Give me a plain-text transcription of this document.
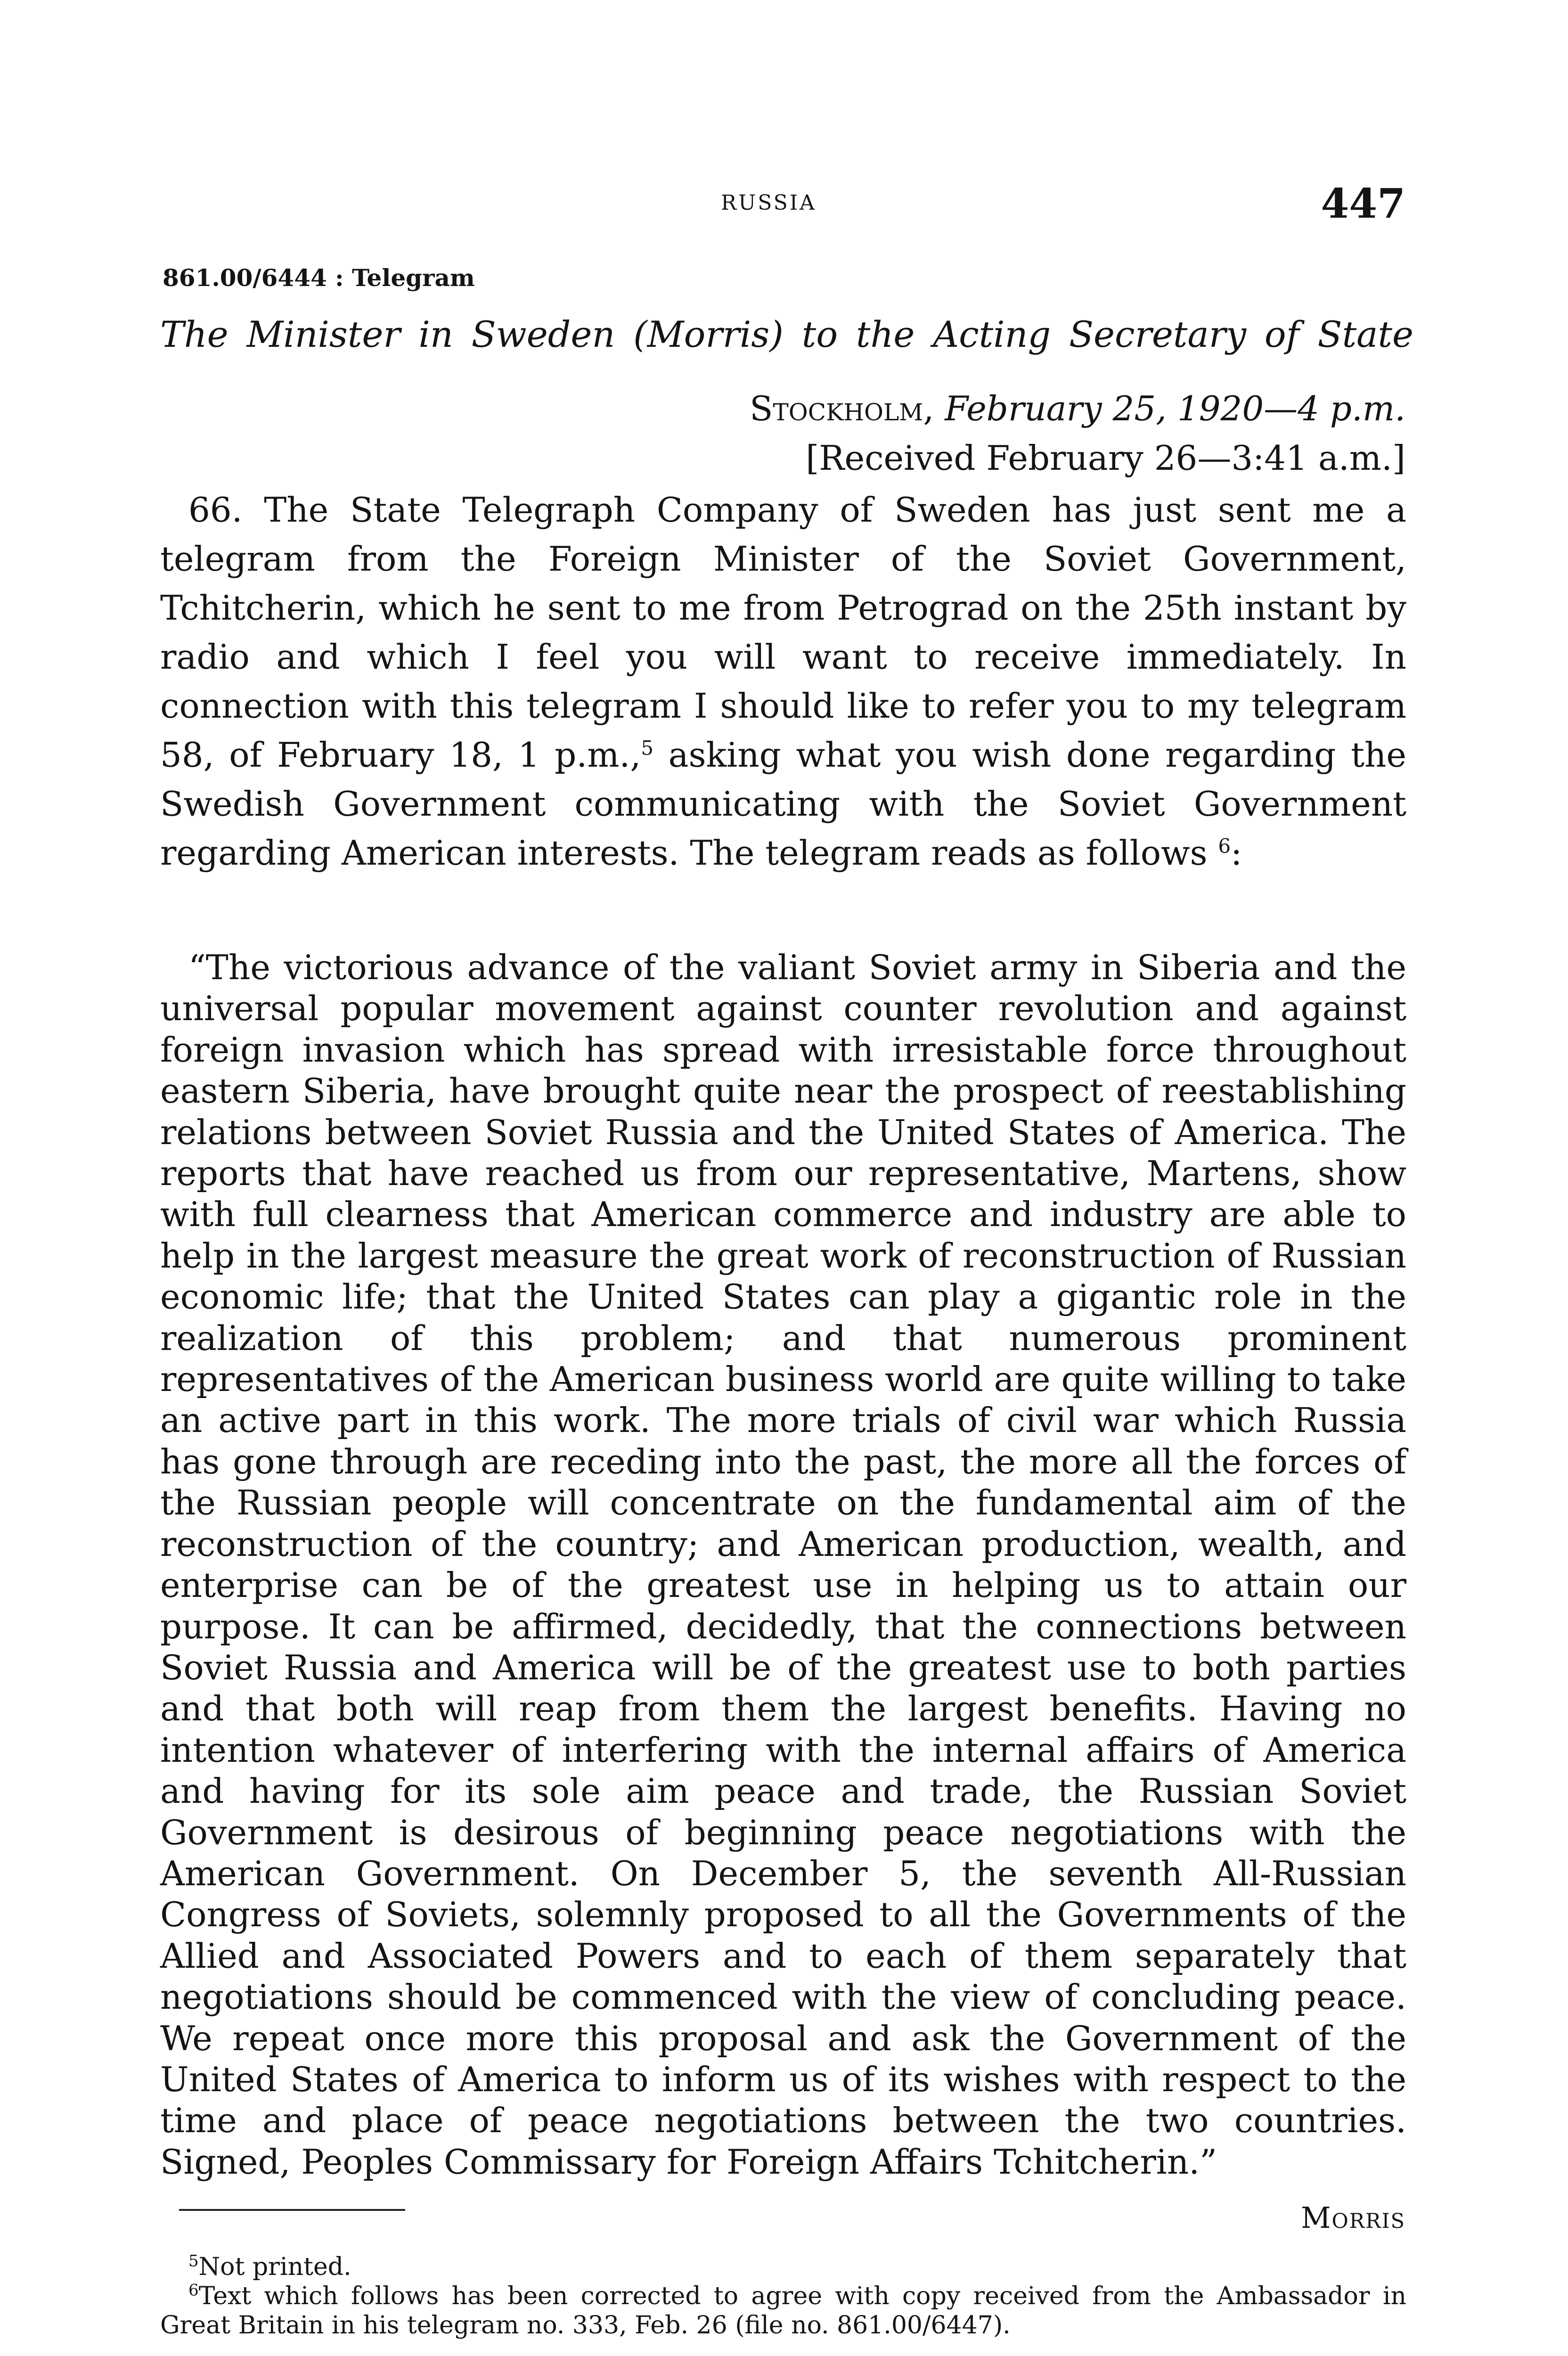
RUSSIA	447
861.00/6444 : Telegram
The Minister in Sweden (Morris) to the Acting Secretary of State
Stockholm, February 25, 1920—4 p.m.
[Received February 26—3:41 a.m.]
66. The State Telegraph Company of Sweden has just sent me a telegram from the Foreign Minister of the Soviet Government, Tchitcherin, which he sent to me from Petrograd on the 25th instant by radio and which I feel you will want to receive immediately. In connection with this telegram I should like to refer you to my telegram 58, of February 18, 1 p.m.,$^5$ asking what you wish done regarding the Swedish Government communicating with the Soviet Government regarding American interests. The telegram reads as follows $^6$:
“The victorious advance of the valiant Soviet army in Siberia and the universal popular movement against counter revolution and against foreign invasion which has spread with irresistable force throughout eastern Siberia, have brought quite near the prospect of reestablishing relations between Soviet Russia and the United States of America. The reports that have reached us from our representative, Martens, show with full clearness that American commerce and industry are able to help in the largest measure the great work of reconstruction of Russian economic life; that the United States can play a gigantic role in the realization of this problem; and that numerous prominent representatives of the American business world are quite willing to take an active part in this work. The more trials of civil war which Russia has gone through are receding into the past, the more all the forces of the Russian people will concentrate on the fundamental aim of the reconstruction of the country; and American production, wealth, and enterprise can be of the greatest use in helping us to attain our purpose. It can be affirmed, decidedly, that the connections between Soviet Russia and America will be of the greatest use to both parties and that both will reap from them the largest benefits. Having no intention whatever of interfering with the internal affairs of America and having for its sole aim peace and trade, the Russian Soviet Government is desirous of beginning peace negotiations with the American Government. On December 5, the seventh All-Russian Congress of Soviets, solemnly proposed to all the Governments of the Allied and Associated Powers and to each of them separately that negotiations should be commenced with the view of concluding peace. We repeat once more this proposal and ask the Government of the United States of America to inform us of its wishes with respect to the time and place of peace negotiations between the two countries. Signed, Peoples Commissary for Foreign Affairs Tchitcherin.”
Morris
$^5$Not printed.
$^6$Text which follows has been corrected to agree with copy received from the Ambassador in Great Britain in his telegram no. 333, Feb. 26 (file no. 861.00/6447).
